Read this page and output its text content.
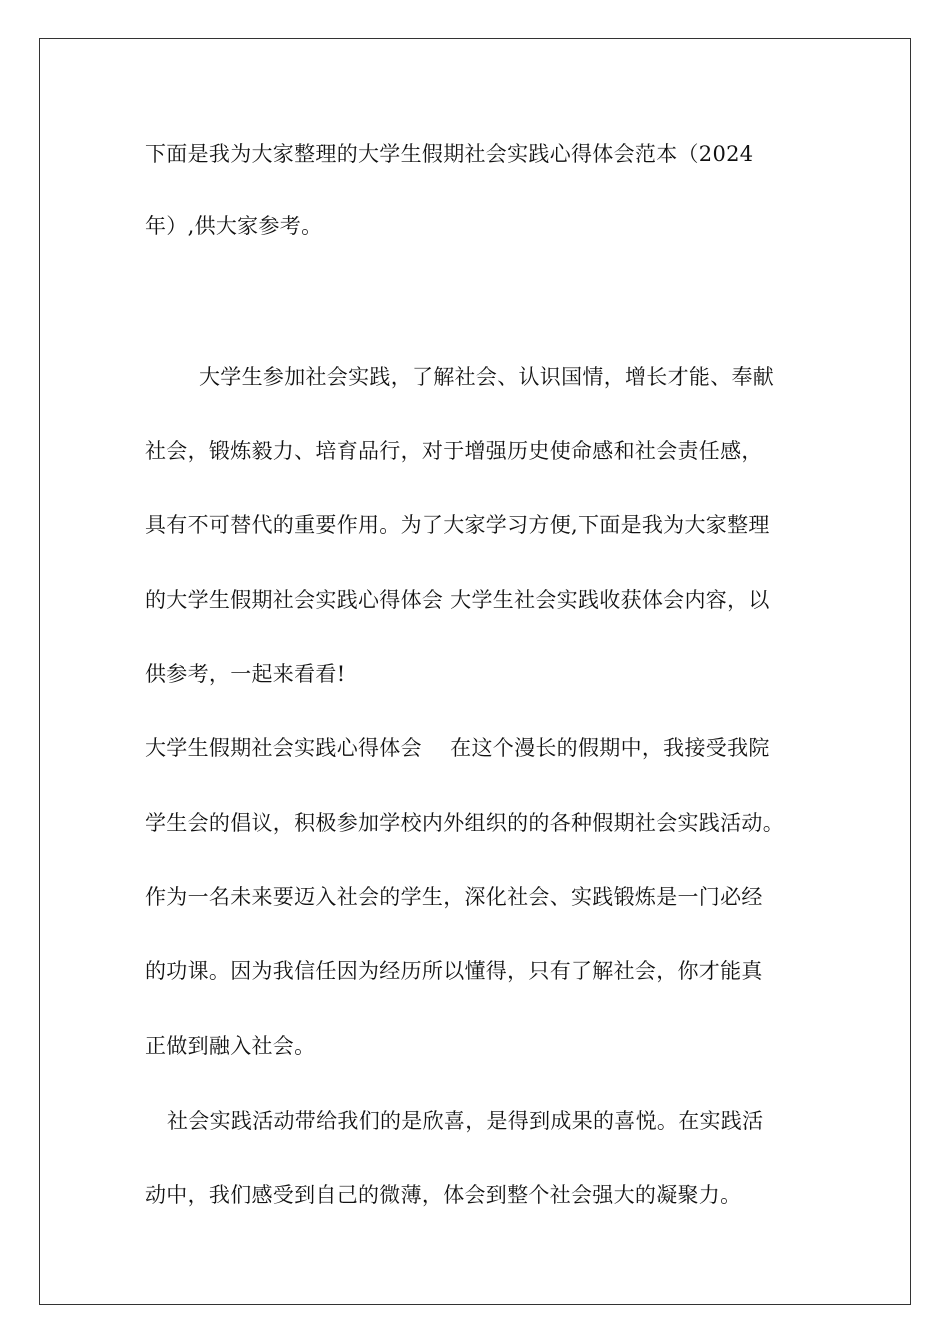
下面是我为大家整理的大学生假期社会实践心得体会范本（2024
年）,供大家参考。
大学生参加社会实践，了解社会、认识国情，增长才能、奉献
社会，锻炼毅力、培育品行，对于增强历史使命感和社会责任感，
具有不可替代的重要作用。为了大家学习方便,下面是我为大家整理
的大学生假期社会实践心得体会 大学生社会实践收获体会内容，以
供参考，一起来看看!
大学生假期社会实践心得体会　 在这个漫长的假期中，我接受我院
学生会的倡议，积极参加学校内外组织的的各种假期社会实践活动。
作为一名未来要迈入社会的学生，深化社会、实践锻炼是一门必经
的功课。因为我信任因为经历所以懂得，只有了解社会，你才能真
正做到融入社会。
社会实践活动带给我们的是欣喜，是得到成果的喜悦。在实践活
动中，我们感受到自己的微薄，体会到整个社会强大的凝聚力。
